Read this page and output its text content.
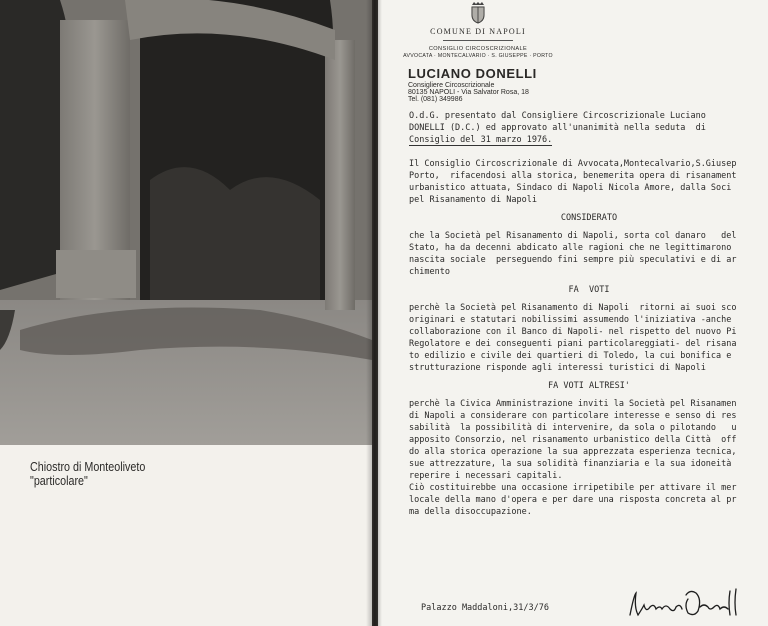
Chiostro di Monteoliveto
"particolare"
COMUNE DI NAPOLI
CONSIGLIO CIRCOSCRIZIONALE
AVVOCATA · MONTECALVARIO · S. GIUSEPPE · PORTO
LUCIANO DONELLI
Consigliere Circoscrizionale
80135 NAPOLI - Via Salvator Rosa, 18
Tel. (081) 349986
O.d.G. presentato dal Consigliere Circoscrizionale Luciano
DONELLI (D.C.) ed approvato all'unanimità nella seduta  di
Consiglio del 31 marzo 1976.
Il Consiglio Circoscrizionale di Avvocata,Montecalvario,S.Giusep
Porto,  rifacendosi alla storica, benemerita opera di risanament
urbanistico attuata, Sindaco di Napoli Nicola Amore, dalla Soci
pel Risanamento di Napoli
CONSIDERATO
che la Società pel Risanamento di Napoli, sorta col danaro   del
Stato, ha da decenni abdicato alle ragioni che ne legittimarono
nascita sociale  perseguendo fini sempre più speculativi e di ar
chimento
FA  VOTI
perchè la Società pel Risanamento di Napoli  ritorni ai suoi sco
originari e statutari nobilissimi assumendo l'iniziativa -anche
collaborazione con il Banco di Napoli- nel rispetto del nuovo Pi
Regolatore e dei conseguenti piani particolareggiati- del risana
to edilizio e civile dei quartieri di Toledo, la cui bonifica e
strutturazione risponde agli interessi turistici di Napoli
FA VOTI ALTRESI'
perchè la Civica Amministrazione inviti la Società pel Risanamen
di Napoli a considerare con particolare interesse e senso di res
sabilità  la possibilità di intervenire, da sola o pilotando   u
apposito Consorzio, nel risanamento urbanistico della Città  off
do alla storica operazione la sua apprezzata esperienza tecnica,
sue attrezzature, la sua solidità finanziaria e la sua idoneità
reperire i necessari capitali.
Ciò costituirebbe una occasione irripetibile per attivare il mer
locale della mano d'opera e per dare una risposta concreta al pr
ma della disoccupazione.
Palazzo Maddaloni,31/3/76
